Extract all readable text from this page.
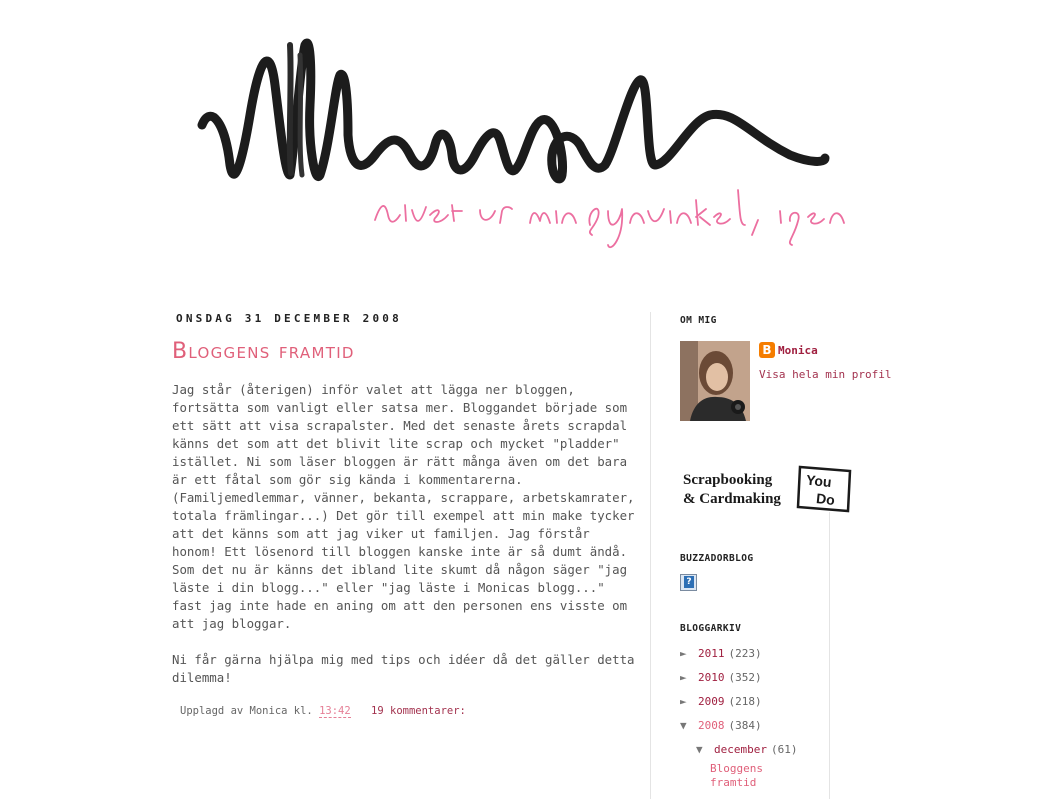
ONSDAG 31 DECEMBER 2008
Bloggens framtid

Jag står (återigen) inför valet att lägga ner bloggen, fortsätta som vanligt eller satsa mer. Bloggandet började som ett sätt att visa scrapalster. Med det senaste årets scrapdal känns det som att det blivit lite scrap och mycket "pladder" istället. Ni som läser bloggen är rätt många även om det bara är ett fåtal som gör sig kända i kommentarerna. (Familjemedlemmar, vänner, bekanta, scrappare, arbetskamrater, totala främlingar...) Det gör till exempel att min make tycker att det känns som att jag viker ut familjen. Jag förstår honom! Ett lösenord till bloggen kanske inte är så dumt ändå. Som det nu är känns det ibland lite skumt då någon säger "jag läste i din blogg..." eller "jag läste i Monicas blogg..." fast jag inte hade en aning om att den personen ens visste om att jag bloggar.

Ni får gärna hjälpa mig med tips och idéer då det gäller detta dilemma!

Upplagd av Monica kl. 13:42 19 kommentarer:
OM MIG
B Monica
Visa hela min profil
Scrapbooking
& Cardmaking
You
Do
BUZZADORBLOG
?
BLOGGARKIV
► 2011 (223)
► 2010 (352)
► 2009 (218)
▼ 2008 (384)
▼ december (61)
Bloggens framtid
